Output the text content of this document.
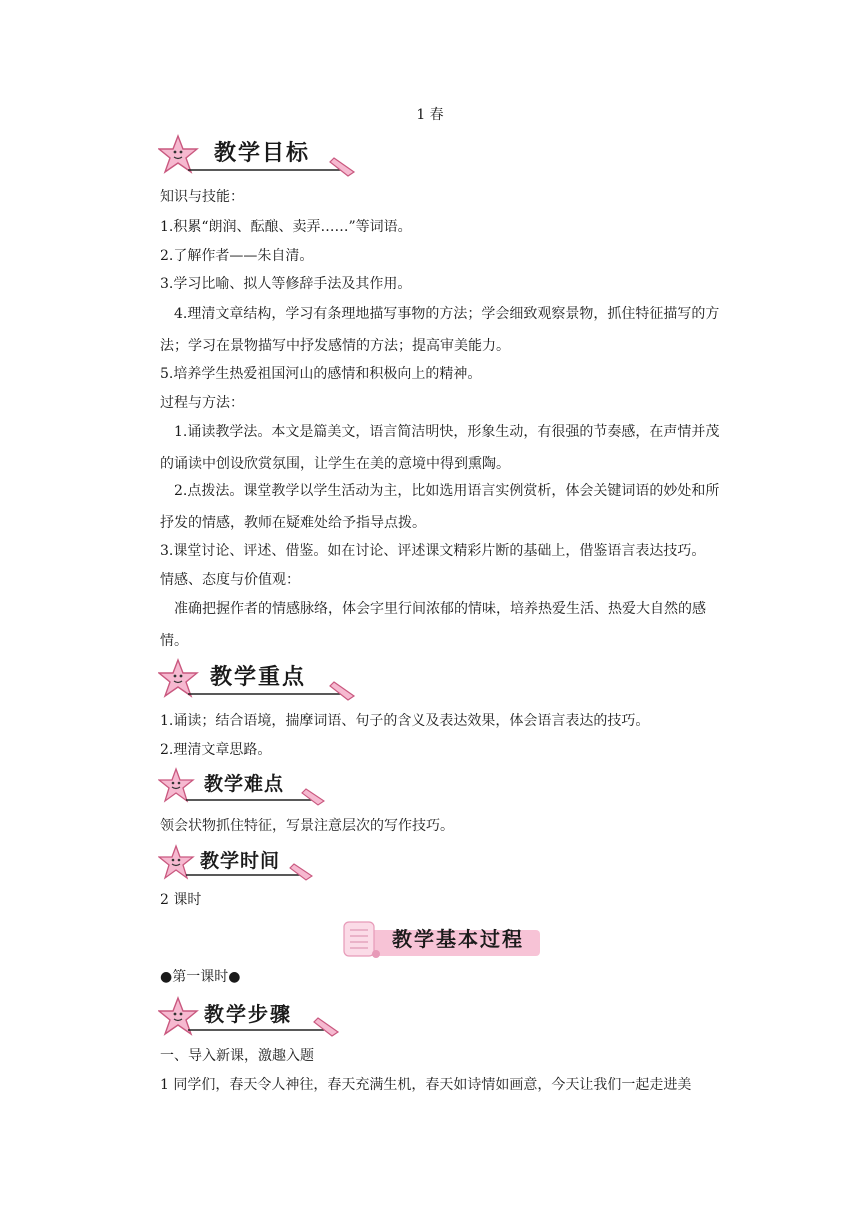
1 春
教学目标

知识与技能：

1.积累“朗润、酝酿、卖弄……”等词语。

2.了解作者——朱自清。

3.学习比喻、拟人等修辞手法及其作用。

4.理清文章结构，学习有条理地描写事物的方法；学会细致观察景物，抓住特征描写的方法；学习在景物描写中抒发感情的方法；提高审美能力。

5.培养学生热爱祖国河山的感情和积极向上的精神。

过程与方法：

1.诵读教学法。本文是篇美文，语言简洁明快，形象生动，有很强的节奏感，在声情并茂的诵读中创设欣赏氛围，让学生在美的意境中得到熏陶。

2.点拨法。课堂教学以学生活动为主，比如选用语言实例赏析，体会关键词语的妙处和所抒发的情感，教师在疑难处给予指导点拨。

3.课堂讨论、评述、借鉴。如在讨论、评述课文精彩片断的基础上，借鉴语言表达技巧。

情感、态度与价值观：

准确把握作者的情感脉络，体会字里行间浓郁的情味，培养热爱生活、热爱大自然的感情。

教学重点

1.诵读；结合语境，揣摩词语、句子的含义及表达效果，体会语言表达的技巧。

2.理清文章思路。

教学难点

领会状物抓住特征，写景注意层次的写作技巧。

教学时间

2 课时

教学基本过程

●第一课时●

教学步骤

一、导入新课，激趣入题

1 同学们，春天令人神往，春天充满生机，春天如诗情如画意，今天让我们一起走进美
